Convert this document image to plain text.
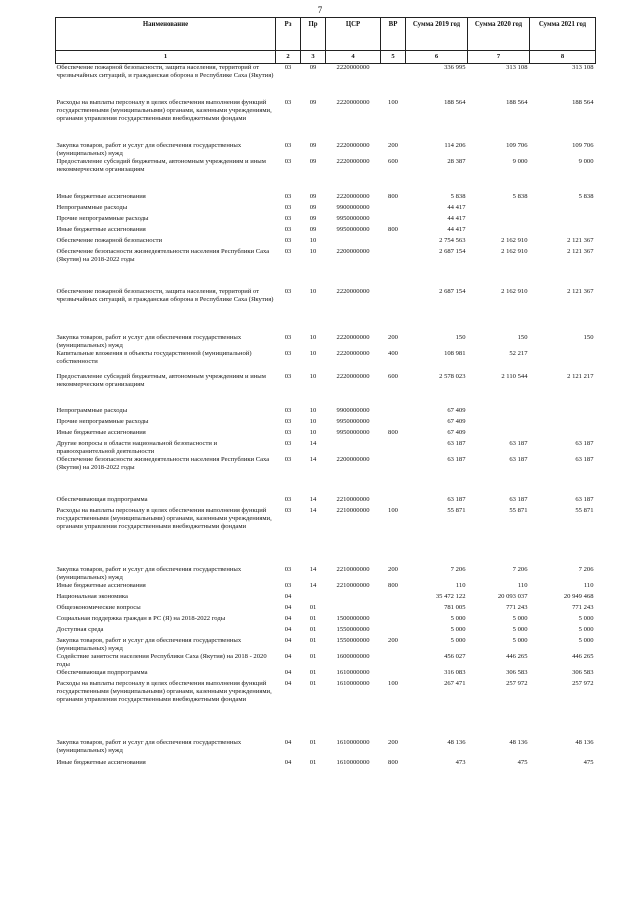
7
Наименование	Рз	Пр	ЦСР	ВР	Сумма 2019 год	Сумма 2020 год	Сумма 2021 год
1	2	3	4	5	6	7	8
Обеспечение пожарной безопасности, защита населения, территорий от чрезвычайных ситуаций, и гражданская оборона в Республике Саха (Якутия)	03	09	2220000000		336 995	313 108	313 108
Расходы на выплаты персоналу в целях обеспечения выполнения функций государственными (муниципальными) органами, казенными учреждениями, органами управления государственными внебюджетными фондами	03	09	2220000000	100	188 564	188 564	188 564
Закупка товаров, работ и услуг для обеспечения государственных (муниципальных) нужд	03	09	2220000000	200	114 206	109 706	109 706
Предоставление субсидий бюджетным, автономным учреждениям и иным некоммерческим организациям	03	09	2220000000	600	28 387	9 000	9 000
Иные бюджетные ассигнования	03	09	2220000000	800	5 838	5 838	5 838
Непрограммные расходы	03	09	9900000000		44 417		
Прочие непрограммные расходы	03	09	9950000000		44 417		
Иные бюджетные ассигнования	03	09	9950000000	800	44 417		
Обеспечение пожарной безопасности	03	10			2 754 563	2 162 910	2 121 367
Обеспечение безопасности жизнедеятельности населения Республики Саха (Якутия) на 2018-2022 годы	03	10	2200000000		2 687 154	2 162 910	2 121 367
Обеспечение пожарной безопасности, защита населения, территорий от чрезвычайных ситуаций, и гражданская оборона в Республике Саха (Якутия)	03	10	2220000000		2 687 154	2 162 910	2 121 367
Закупка товаров, работ и услуг для обеспечения государственных (муниципальных) нужд	03	10	2220000000	200	150	150	150
Капитальные вложения в объекты государственной (муниципальной) собственности	03	10	2220000000	400	108 981	52 217	
Предоставление субсидий бюджетным, автономным учреждениям и иным некоммерческим организациям	03	10	2220000000	600	2 578 023	2 110 544	2 121 217
Непрограммные расходы	03	10	9900000000		67 409		
Прочие непрограммные расходы	03	10	9950000000		67 409		
Иные бюджетные ассигнования	03	10	9950000000	800	67 409		
Другие вопросы в области национальной безопасности и правоохранительной деятельности	03	14			63 187	63 187	63 187
Обеспечение безопасности жизнедеятельности населения Республики Саха (Якутия) на 2018-2022 годы	03	14	2200000000		63 187	63 187	63 187
Обеспечивающая подпрограмма	03	14	2210000000		63 187	63 187	63 187
Расходы на выплаты персоналу в целях обеспечения выполнения функций государственными (муниципальными) органами, казенными учреждениями, органами управления государственными внебюджетными фондами	03	14	2210000000	100	55 871	55 871	55 871
Закупка товаров, работ и услуг для обеспечения государственных (муниципальных) нужд	03	14	2210000000	200	7 206	7 206	7 206
Иные бюджетные ассигнования	03	14	2210000000	800	110	110	110
Национальная экономика	04				35 472 122	20 093 037	20 949 468
Общеэкономические вопросы	04	01			781 005	771 243	771 243
Социальная поддержка граждан в РС (Я) на 2018-2022 годы	04	01	1500000000		5 000	5 000	5 000
Доступная среда	04	01	1550000000		5 000	5 000	5 000
Закупка товаров, работ и услуг для обеспечения государственных (муниципальных) нужд	04	01	1550000000	200	5 000	5 000	5 000
Содействие занятости населения Республики Саха (Якутия) на 2018 - 2020 годы	04	01	1600000000		456 027	446 265	446 265
Обеспечивающая подпрограмма	04	01	1610000000		316 083	306 583	306 583
Расходы на выплаты персоналу в целях обеспечения выполнения функций государственными (муниципальными) органами, казенными учреждениями, органами управления государственными внебюджетными фондами	04	01	1610000000	100	267 471	257 972	257 972
Закупка товаров, работ и услуг для обеспечения государственных (муниципальных) нужд	04	01	1610000000	200	48 136	48 136	48 136
Иные бюджетные ассигнования	04	01	1610000000	800	473	475	475
